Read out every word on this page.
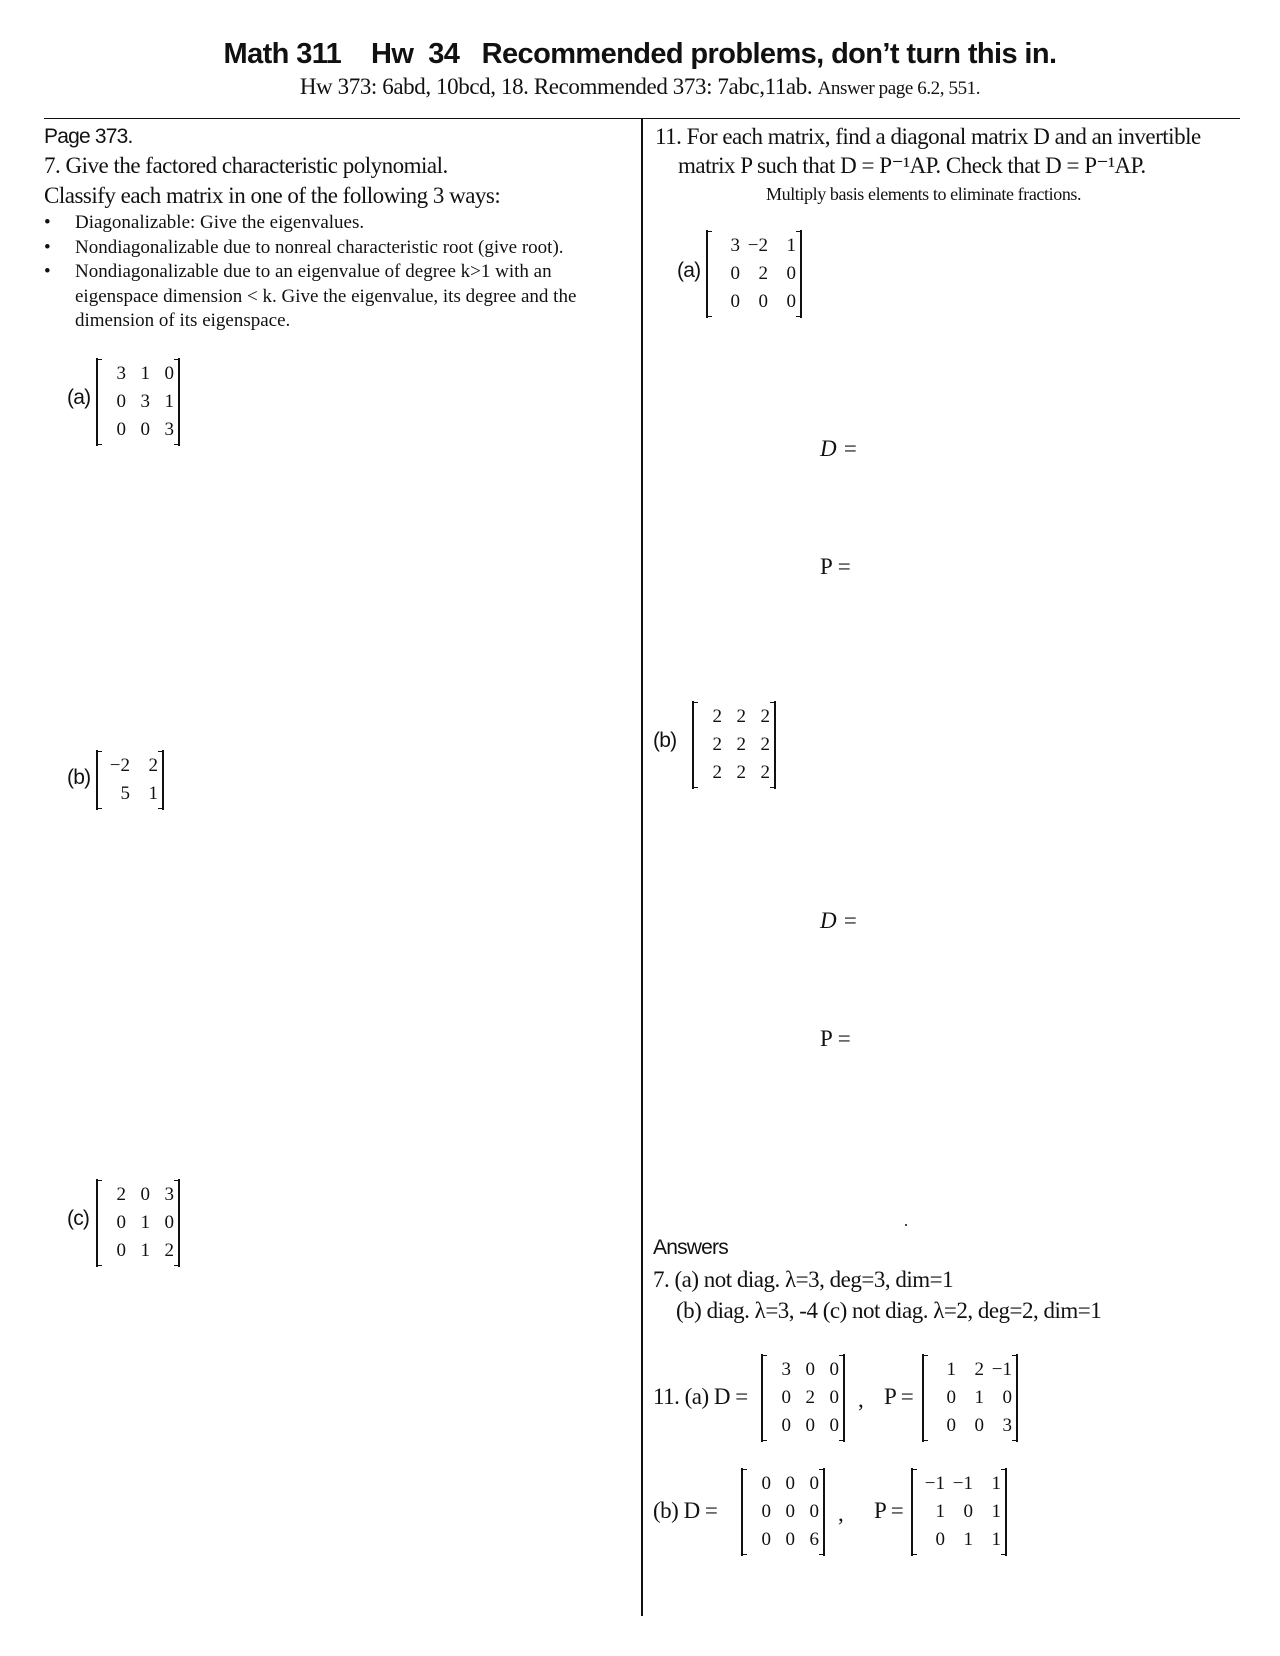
Math 311    Hw  34   Recommended problems, don’t turn this in.
Hw 373: 6abd, 10bcd, 18. Recommended 373: 7abc,11ab. Answer page 6.2, 551.
Page 373.
7. Give the factored characteristic polynomial.
Classify each matrix in one of the following 3 ways:
• Diagonalizable: Give the eigenvalues.
• Nondiagonalizable due to nonreal characteristic root (give root).
• Nondiagonalizable due to an eigenvalue of degree k>1 with an
eigenspace dimension < k. Give the eigenvalue, its degree and the
dimension of its eigenspace.
(a)
3 1 0
0 3 1
0 0 3
(b)
−2 2
5 1
(c)
2 0 3
0 1 0
0 1 2
11. For each matrix, find a diagonal matrix D and an invertible
matrix P such that D = P⁻¹AP. Check that D = P⁻¹AP.
Multiply basis elements to eliminate fractions.
(a)
3 −2 1
0 2 0
0 0 0
D =
P =
(b)
2 2 2
2 2 2
2 2 2
D =
P =
Answers
7. (a) not diag. λ=3, deg=3, dim=1
(b) diag. λ=3, -4 (c) not diag. λ=2, deg=2, dim=1
11. (a) D =
3 0 0
0 2 0
0 0 0
, P =
1 2 −1
0 1 0
0 0 3
(b) D =
0 0 0
0 0 0
0 0 6
, P =
−1 −1 1
1 0 1
0 1 1
